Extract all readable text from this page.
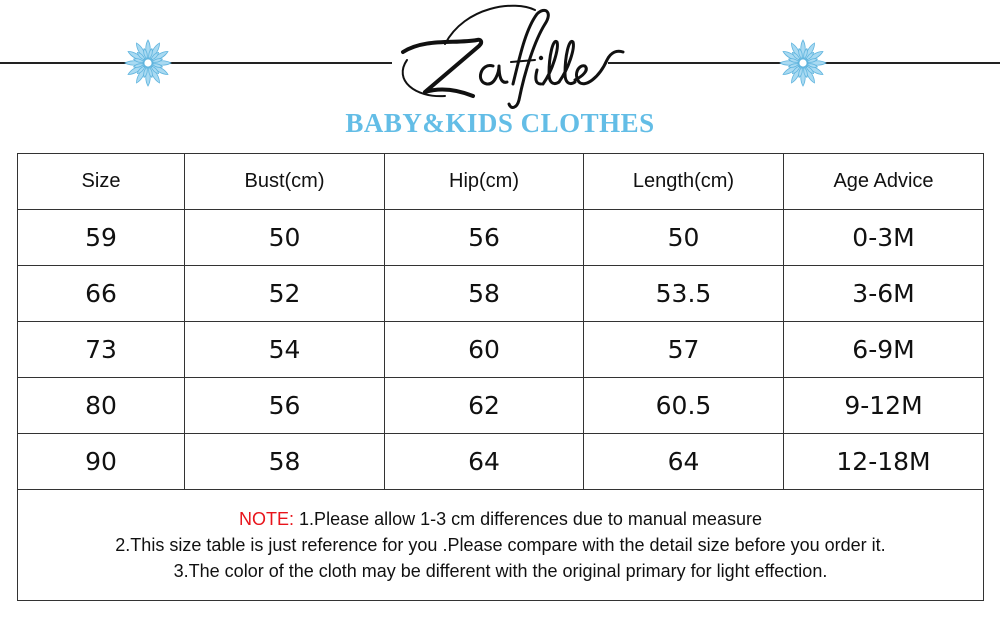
Zafille
BABY&KIDS CLOTHES
Size	Bust(cm)	Hip(cm)	Length(cm)	Age Advice
59	50	56	50	0-3M
66	52	58	53.5	3-6M
73	54	60	57	6-9M
80	56	62	60.5	9-12M
90	58	64	64	12-18M

NOTE: 1.Please allow 1-3 cm differences due to manual measure
2.This size table is just reference for you .Please compare with the detail size before you order it.
3.The color of the cloth may be different with the original primary for light effection.				
